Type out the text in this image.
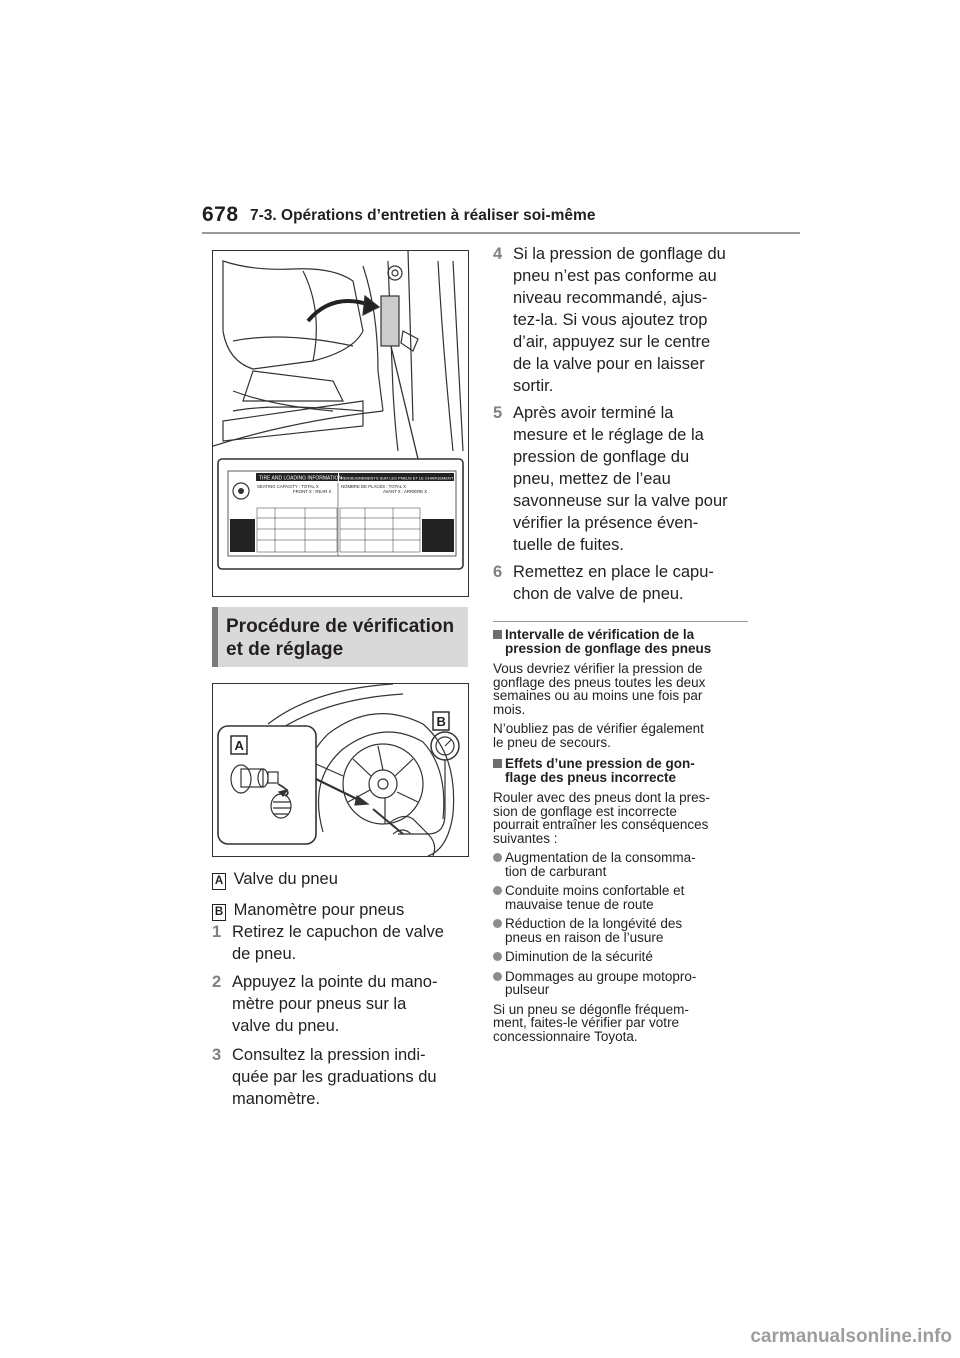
678 7-3. Opérations d’entretien à réaliser soi-même
TIRE AND LOADING INFORMATION RENSEIGNEMENTS SUR LES PNEUS ET LE CHARGEMENT
SEATING CAPACITY : TOTAL X	NOMBRE DE PLACES : TOTAL X
FRONT X : REAR X	AVANT X : ARRIÈRE X
Procédure de vérification
et de réglage
A
B
A Valve du pneu
B Manomètre pour pneus
1 Retirez le capuchon de valve
de pneu.
2 Appuyez la pointe du mano-
mètre pour pneus sur la
valve du pneu.
3 Consultez la pression indi-
quée par les graduations du
manomètre.
4 Si la pression de gonflage du
pneu n’est pas conforme au
niveau recommandé, ajus-
tez-la. Si vous ajoutez trop
d’air, appuyez sur le centre
de la valve pour en laisser
sortir.
5 Après avoir terminé la
mesure et le réglage de la
pression de gonflage du
pneu, mettez de l’eau
savonneuse sur la valve pour
vérifier la présence éven-
tuelle de fuites.
6 Remettez en place le capu-
chon de valve de pneu.
Intervalle de vérification de la
pression de gonflage des pneus
Vous devriez vérifier la pression de
gonflage des pneus toutes les deux
semaines ou au moins une fois par
mois.
N’oubliez pas de vérifier également
le pneu de secours.
Effets d’une pression de gon-
flage des pneus incorrecte
Rouler avec des pneus dont la pres-
sion de gonflage est incorrecte
pourrait entraîner les conséquences
suivantes :
Augmentation de la consomma-
tion de carburant
Conduite moins confortable et
mauvaise tenue de route
Réduction de la longévité des
pneus en raison de l’usure
Diminution de la sécurité
Dommages au groupe motopro-
pulseur
Si un pneu se dégonfle fréquem-
ment, faites-le vérifier par votre
concessionnaire Toyota.
carmanualsonline.info
